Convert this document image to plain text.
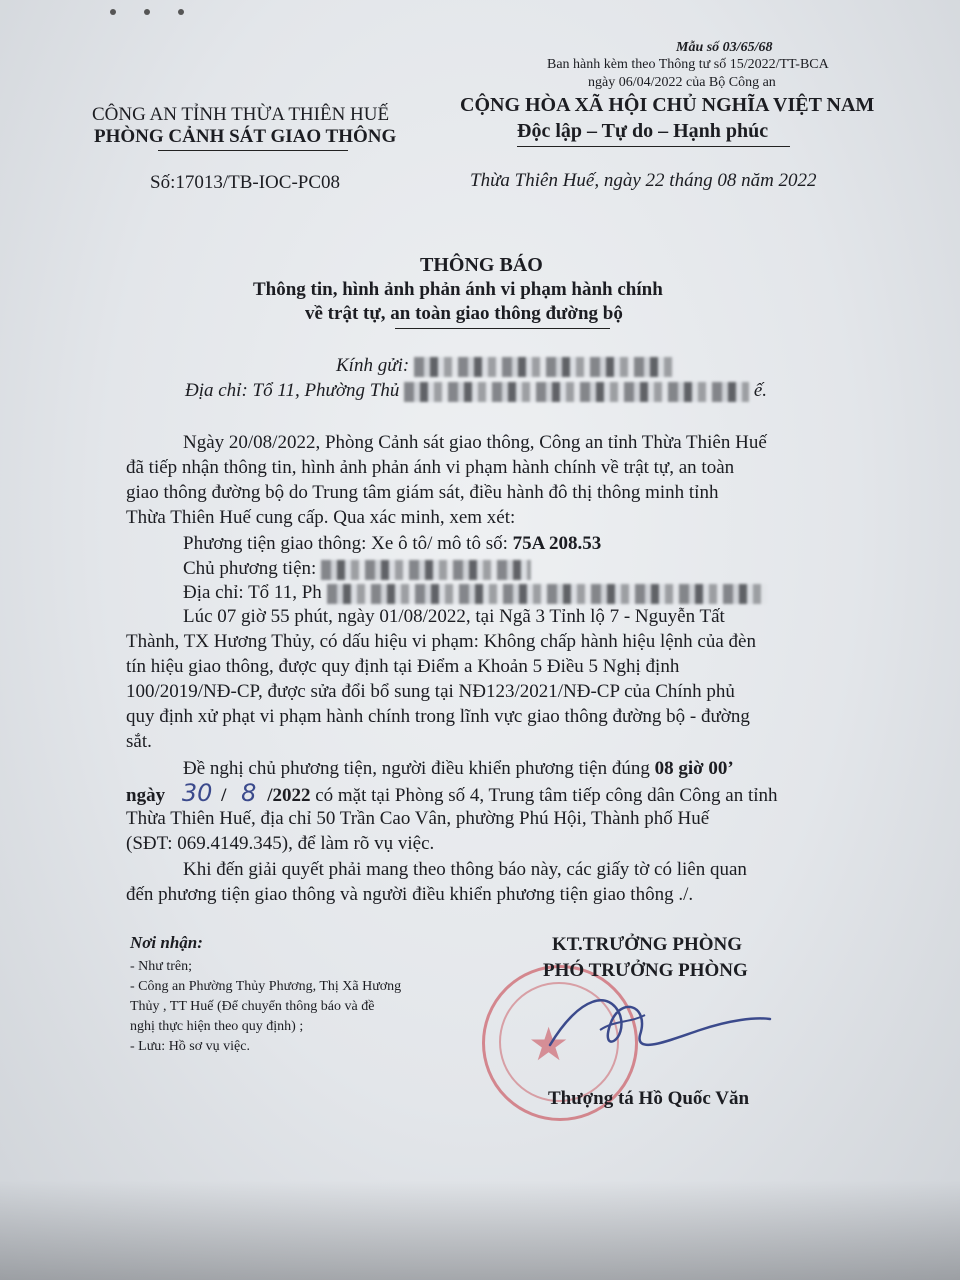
Mẫu số 03/65/68
Ban hành kèm theo Thông tư số 15/2022/TT-BCA
ngày 06/04/2022 của Bộ Công an
CÔNG AN TỈNH THỪA THIÊN HUẾ
PHÒNG CẢNH SÁT GIAO THÔNG
Số:17013/TB-IOC-PC08
CỘNG HÒA XÃ HỘI CHỦ NGHĨA VIỆT NAM
Độc lập – Tự do – Hạnh phúc
Thừa Thiên Huế, ngày 22 tháng 08 năm 2022
THÔNG BÁO
Thông tin, hình ảnh phản ánh vi phạm hành chính
về trật tự, an toàn giao thông đường bộ
Kính gửi:
Địa chỉ: Tổ 11, Phường Thủ	ế.
Ngày 20/08/2022, Phòng Cảnh sát giao thông, Công an tỉnh Thừa Thiên Huế
đã tiếp nhận thông tin, hình ảnh phản ánh vi phạm hành chính về trật tự, an toàn
giao thông đường bộ do Trung tâm giám sát, điều hành đô thị thông minh tỉnh
Thừa Thiên Huế cung cấp. Qua xác minh, xem xét:
Phương tiện giao thông: Xe ô tô/ mô tô số: 75A 208.53
Chủ phương tiện:
Địa chỉ: Tổ 11, Ph
Lúc 07 giờ 55 phút, ngày 01/08/2022, tại Ngã 3 Tỉnh lộ 7 - Nguyễn Tất
Thành, TX Hương Thủy, có dấu hiệu vi phạm: Không chấp hành hiệu lệnh của đèn
tín hiệu giao thông, được quy định tại Điểm a Khoản 5 Điều 5 Nghị định
100/2019/NĐ-CP, được sửa đổi bổ sung tại NĐ123/2021/NĐ-CP của Chính phủ
quy định xử phạt vi phạm hành chính trong lĩnh vực giao thông đường bộ - đường
sắt.
Đề nghị chủ phương tiện, người điều khiển phương tiện đúng 08 giờ 00’
ngày 30 / 8 /2022 có mặt tại Phòng số 4, Trung tâm tiếp công dân Công an tỉnh
Thừa Thiên Huế, địa chỉ 50 Trần Cao Vân, phường Phú Hội, Thành phố Huế
(SĐT: 069.4149.345), để làm rõ vụ việc.
Khi đến giải quyết phải mang theo thông báo này, các giấy tờ có liên quan
đến phương tiện giao thông và người điều khiển phương tiện giao thông ./.
Nơi nhận:
- Như trên;
- Công an Phường Thủy Phương, Thị Xã Hương
Thủy , TT Huế (Để chuyển thông báo và đề
nghị thực hiện theo quy định) ;
- Lưu: Hồ sơ vụ việc.	★
KT.TRƯỞNG PHÒNG
PHÓ TRƯỞNG PHÒNG
Thượng tá Hồ Quốc Văn
